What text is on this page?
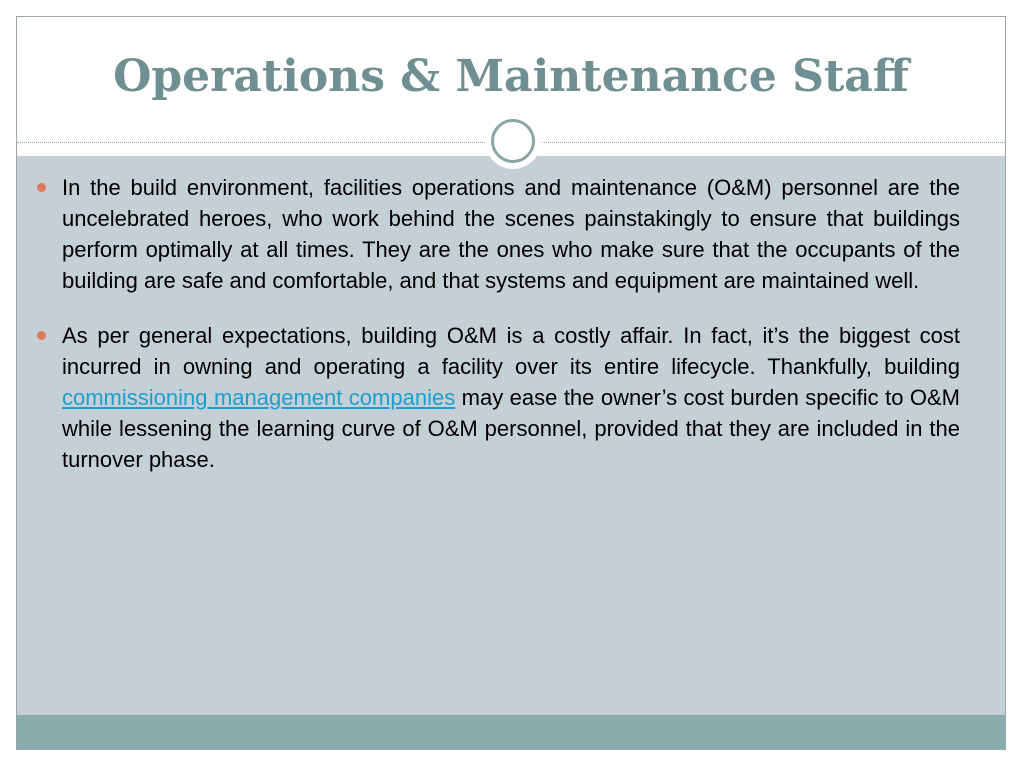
Operations & Maintenance Staff
In the build environment, facilities operations and maintenance (O&M) personnel are the uncelebrated heroes, who work behind the scenes painstakingly to ensure that buildings perform optimally at all times. They are the ones who make sure that the occupants of the building are safe and comfortable, and that systems and equipment are maintained well.
As per general expectations, building O&M is a costly affair. In fact, it’s the biggest cost incurred in owning and operating a facility over its entire lifecycle. Thankfully, building commissioning management companies may ease the owner’s cost burden specific to O&M while lessening the learning curve of O&M personnel, provided that they are included in the turnover phase.
